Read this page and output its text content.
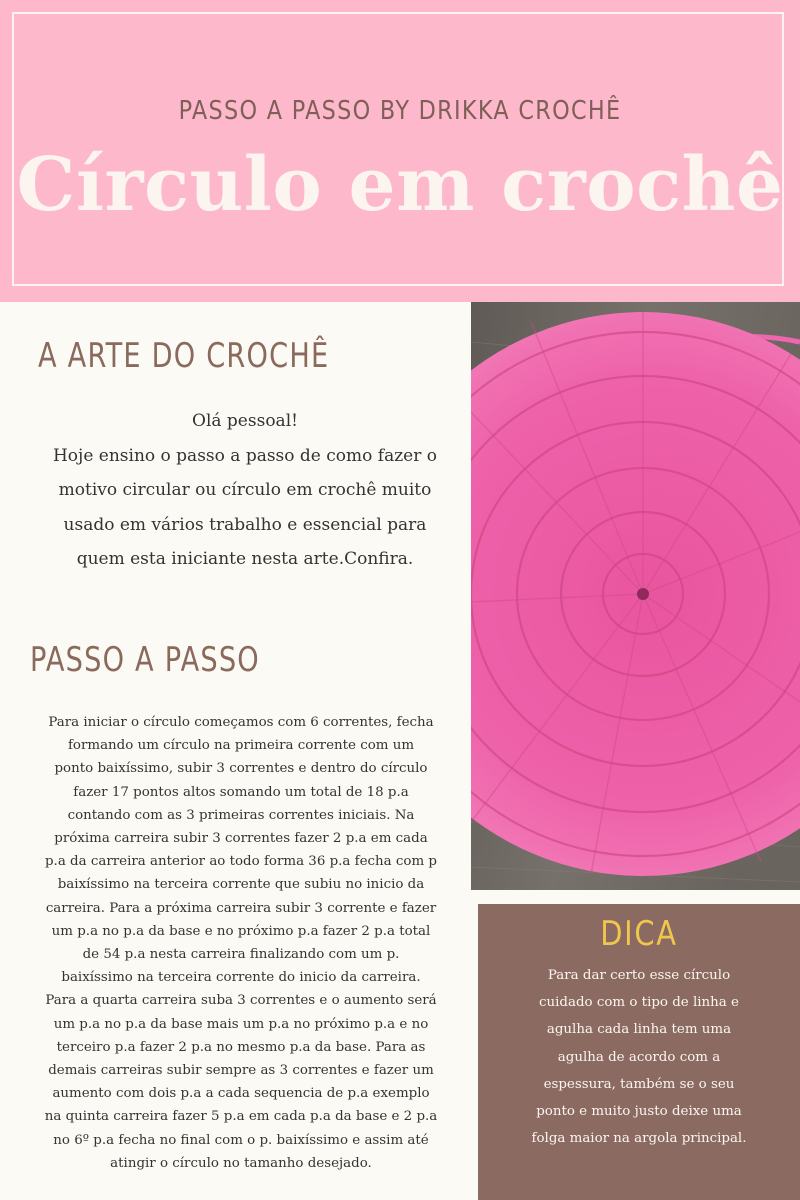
PASSO A PASSO BY DRIKKA CROCHÊ
Círculo em crochê
A ARTE DO CROCHÊ
Olá pessoal!
Hoje ensino o passo a passo de como fazer o
motivo circular ou círculo em crochê muito
usado em vários trabalho e essencial para
quem esta iniciante nesta arte.Confira.
PASSO A PASSO
Para iniciar o círculo começamos com 6 correntes, fecha
formando um círculo na primeira corrente com um
ponto baixíssimo, subir 3 correntes e dentro do círculo
fazer 17 pontos altos somando um total de 18 p.a
contando com as 3 primeiras correntes iniciais. Na
próxima carreira subir 3 correntes fazer 2 p.a em cada
p.a da carreira anterior ao todo forma 36 p.a fecha com p
baixíssimo na terceira corrente que subiu no inicio da
carreira. Para a próxima carreira subir 3 corrente e fazer
um p.a no p.a da base e no próximo p.a fazer 2 p.a total
de 54 p.a nesta carreira finalizando com um p.
baixíssimo na terceira corrente do inicio da carreira.
Para a quarta carreira suba 3 correntes e o aumento será
um p.a no p.a da base mais um p.a no próximo p.a e no
terceiro p.a fazer 2 p.a no mesmo p.a da base. Para as
demais carreiras subir sempre as 3 correntes e fazer um
aumento com dois p.a a cada sequencia de p.a exemplo
na quinta carreira fazer 5 p.a em cada p.a da base e 2 p.a
no 6º p.a fecha no final com o p. baixíssimo e assim até
atingir o círculo no tamanho desejado.
DICA
Para dar certo esse círculo
cuidado com o tipo de linha e
agulha cada linha tem uma
agulha de acordo com a
espessura, também se o seu
ponto e muito justo deixe uma
folga maior na argola principal.
